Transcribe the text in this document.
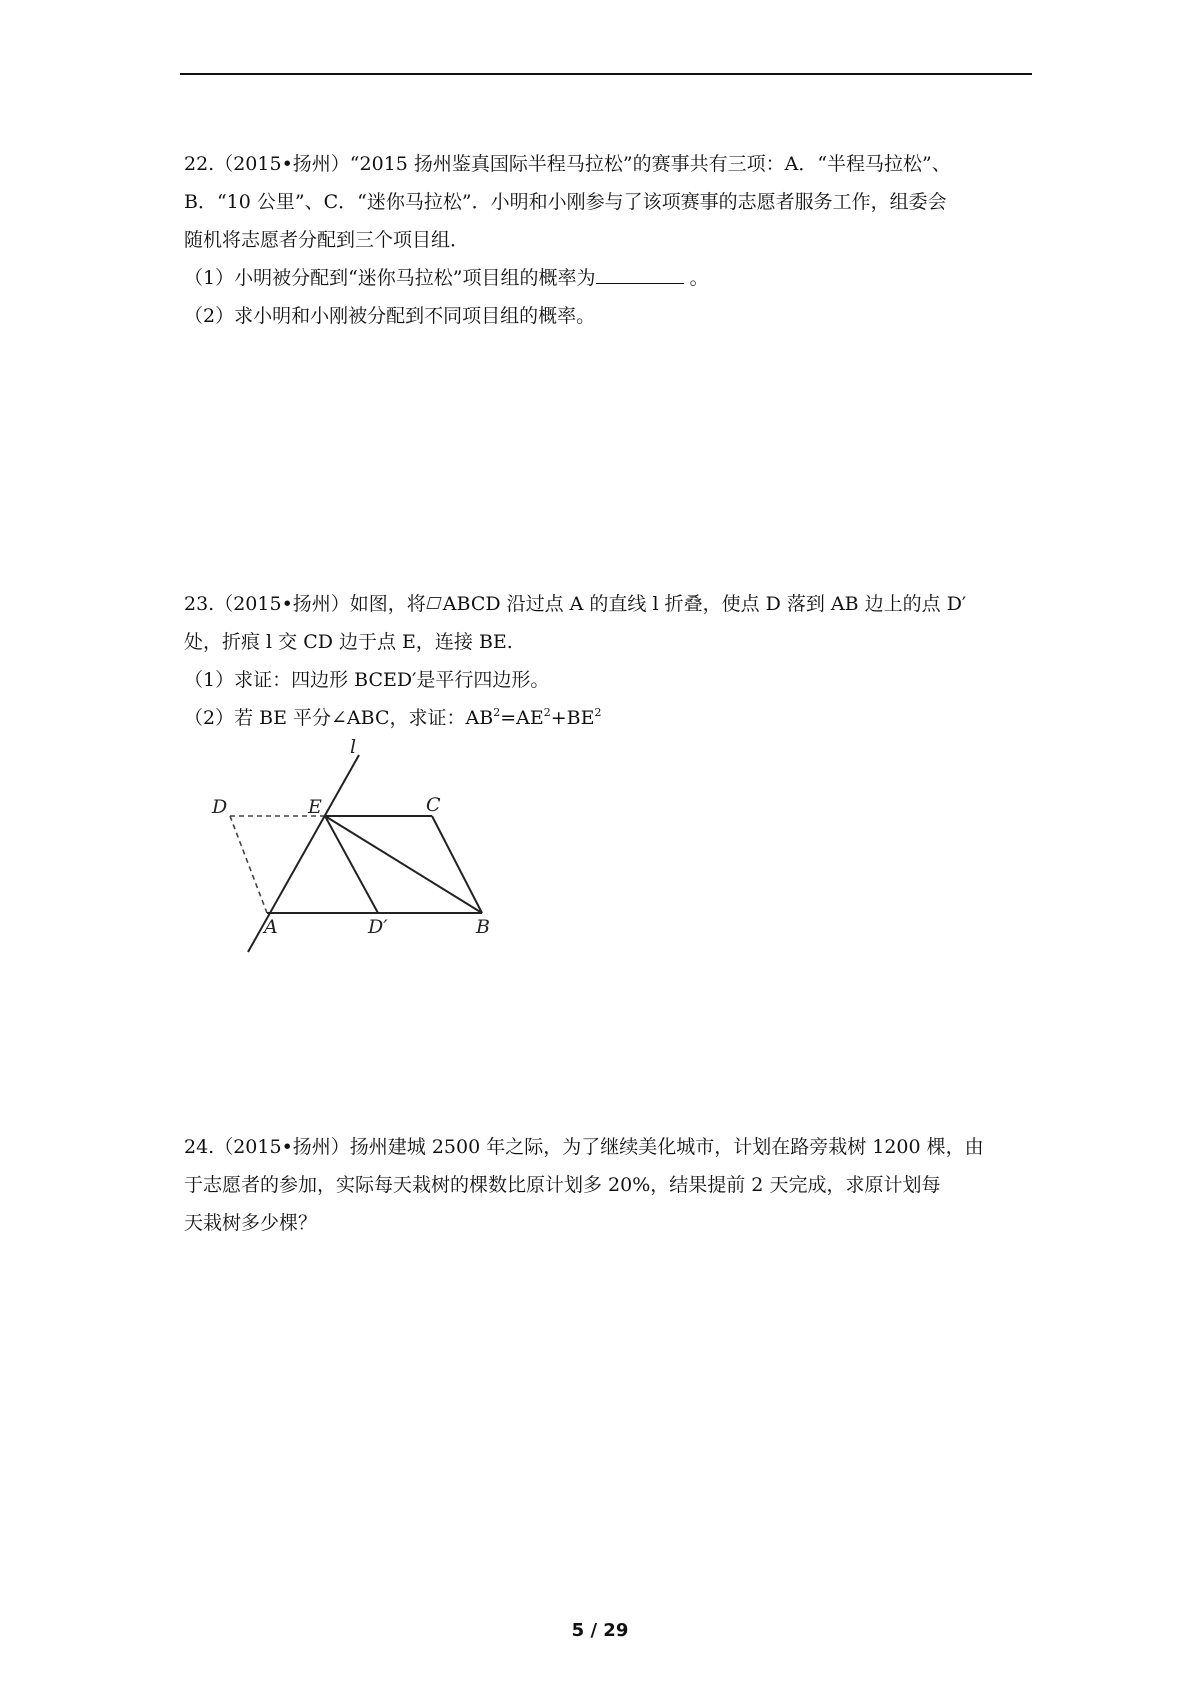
22.（2015•扬州）“2015 扬州鉴真国际半程马拉松”的赛事共有三项：A．“半程马拉松”、

B．“10 公里”、C．“迷你马拉松”．小明和小刚参与了该项赛事的志愿者服务工作，组委会

随机将志愿者分配到三个项目组．

（1）小明被分配到“迷你马拉松”项目组的概率为	。

（2）求小明和小刚被分配到不同项目组的概率。

23.（2015•扬州）如图，将 ABCD 沿过点 A 的直线 l 折叠，使点 D 落到 AB 边上的点 D′

处，折痕 l 交 CD 边于点 E，连接 BE.

（1）求证：四边形 BCED′是平行四边形。

（2）若 BE 平分∠ABC，求证：$AB^2=AE^2+BE^2$

l
D	E	C
A	D′	B

24.（2015•扬州）扬州建城 2500 年之际，为了继续美化城市，计划在路旁栽树 1200 棵，由

于志愿者的参加，实际每天栽树的棵数比原计划多 20%，结果提前 2 天完成，求原计划每

天栽树多少棵？

5 / 29
